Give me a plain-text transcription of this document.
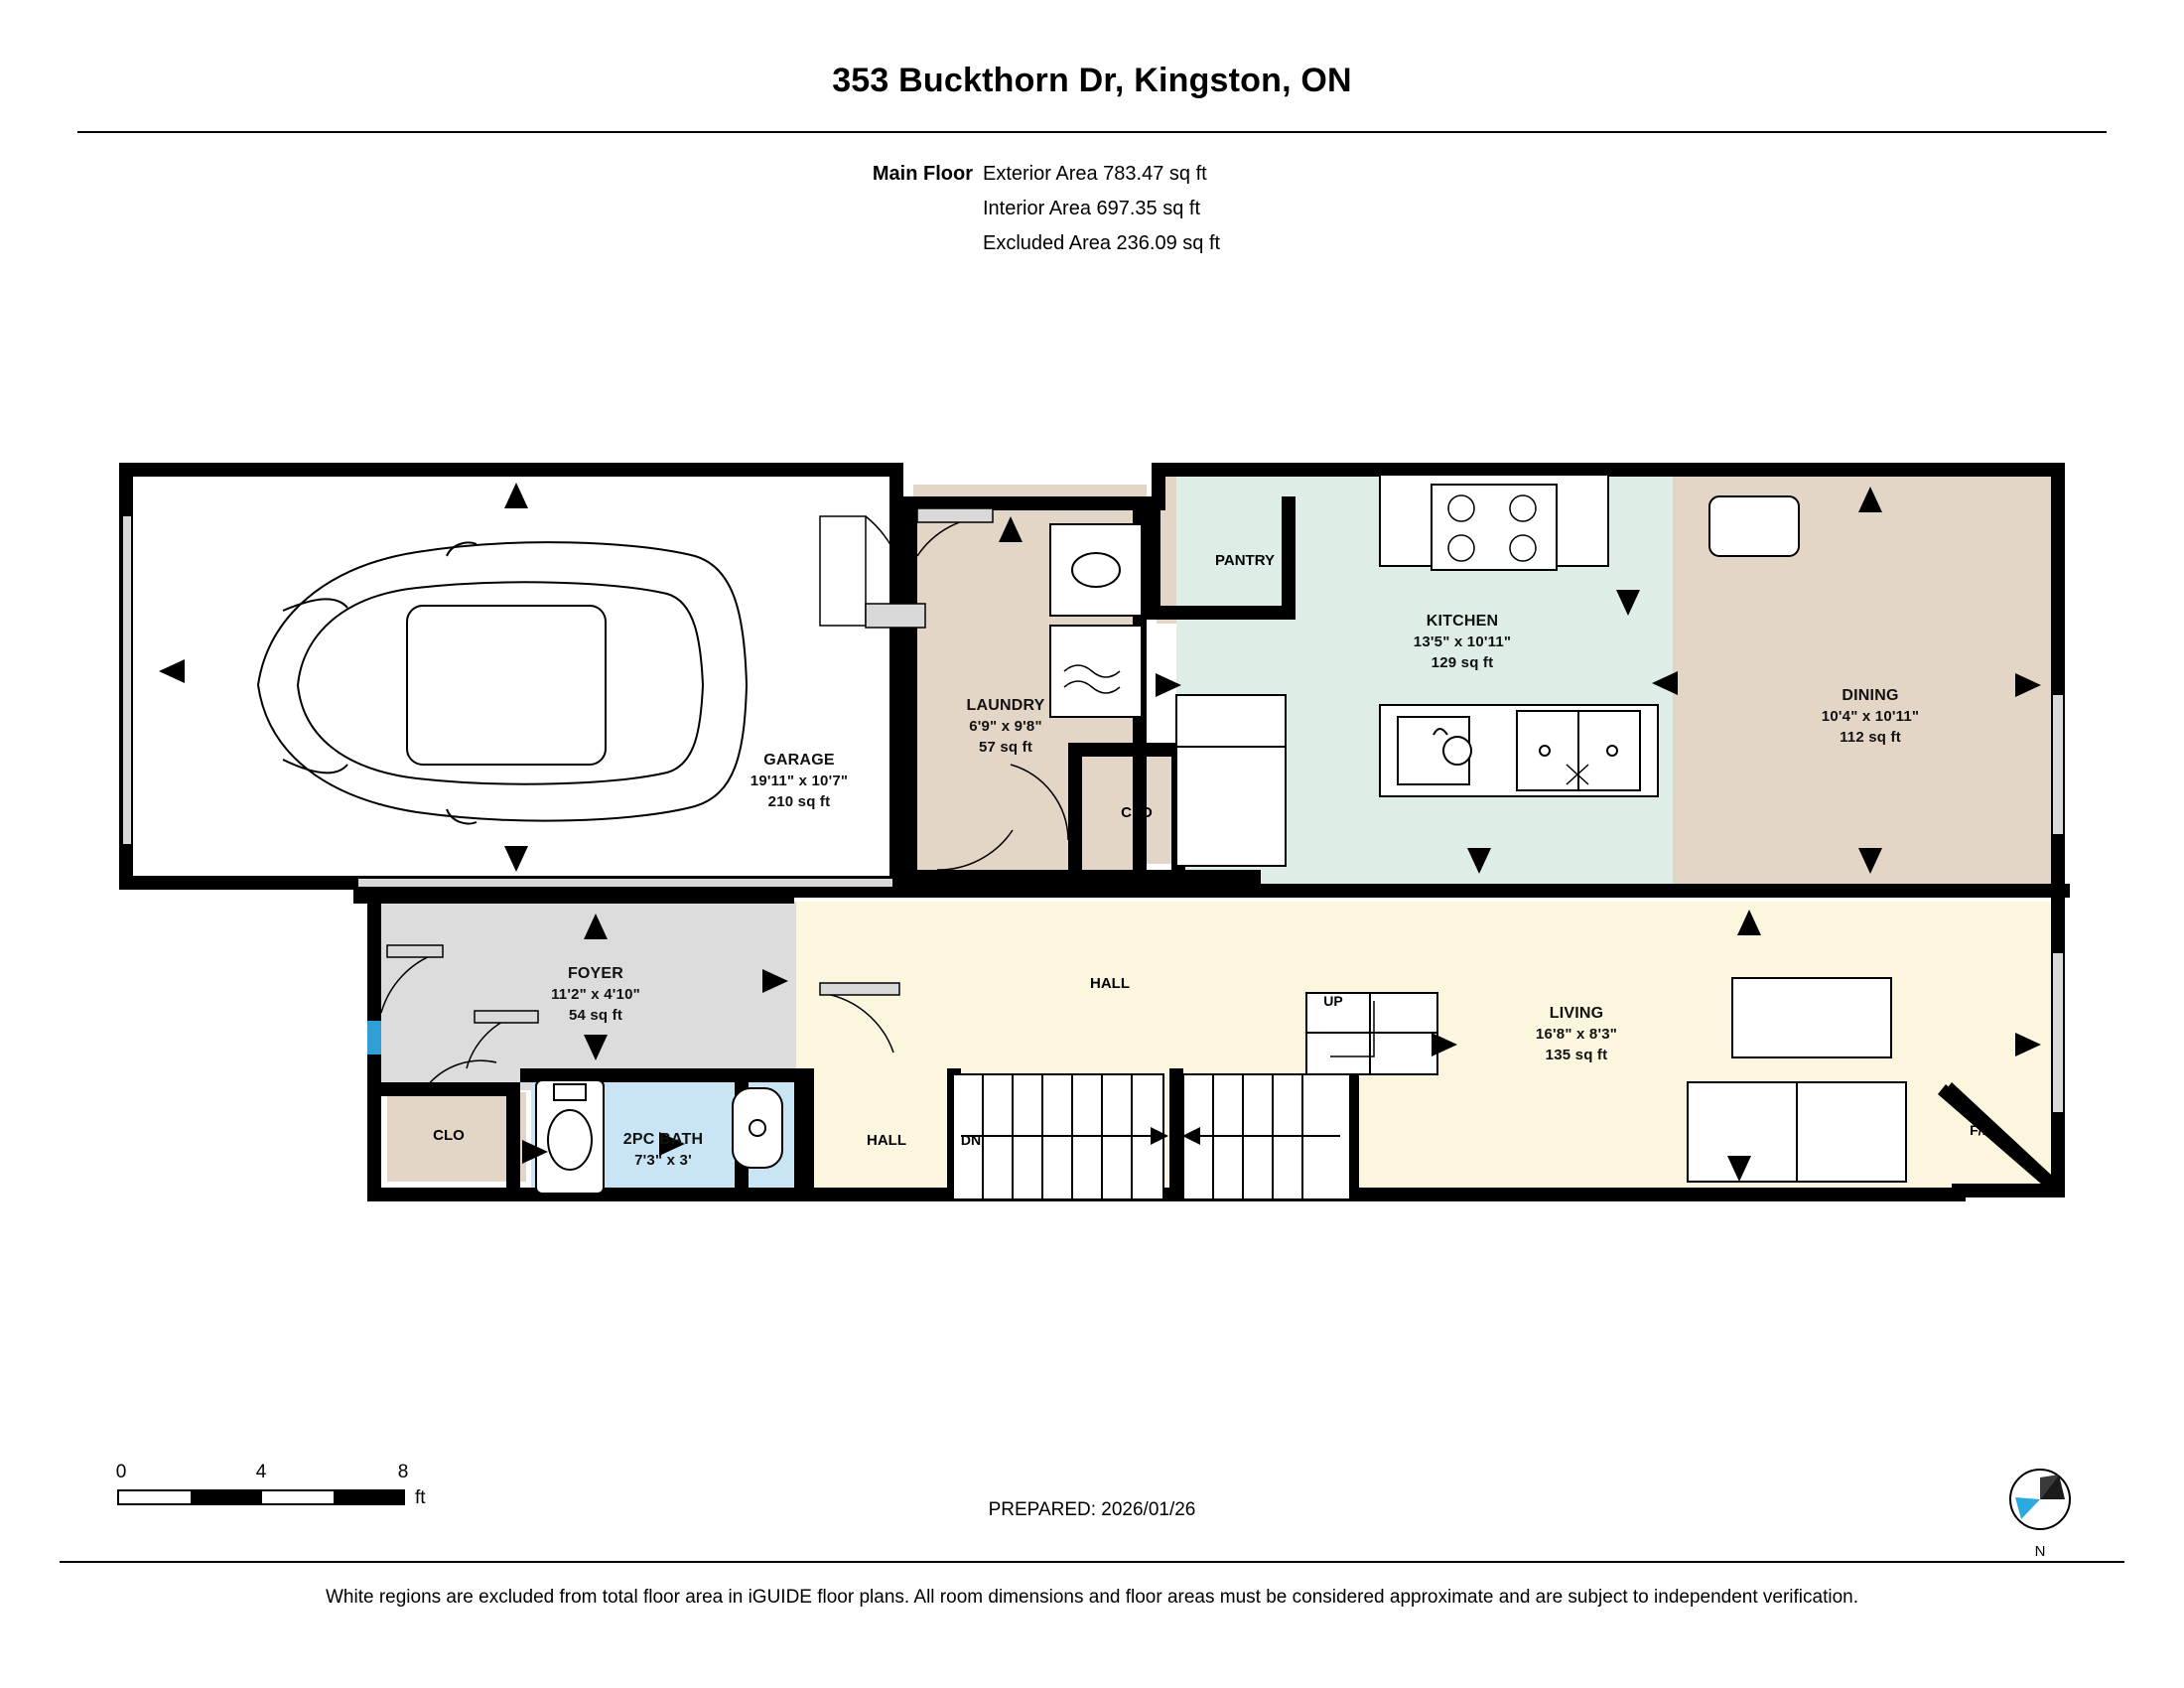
353 Buckthorn Dr, Kingston, ON
Main Floor Exterior Area 783.47 sq ft
Interior Area 697.35 sq ft
Excluded Area 236.09 sq ft
GARAGE
19'11" x 10'7"
210 sq ft
LAUNDRY
6'9" x 9'8"
57 sq ft
KITCHEN
13'5" x 10'11"
129 sq ft
DINING
10'4" x 10'11"
112 sq ft
FOYER
11'2" x 4'10"
54 sq ft	LIVING
16'8" x 8'3"
135 sq ft
2PC BATH
7'3" x 3'
PANTRY
CLO
CLO
HALL
HALL
UP
DN
F/P
PREPARED: 2026/01/26
White regions are excluded from total floor area in iGUIDE floor plans. All room dimensions and floor areas must be considered approximate and are subject to independent verification.
0	4	8
ft
N
